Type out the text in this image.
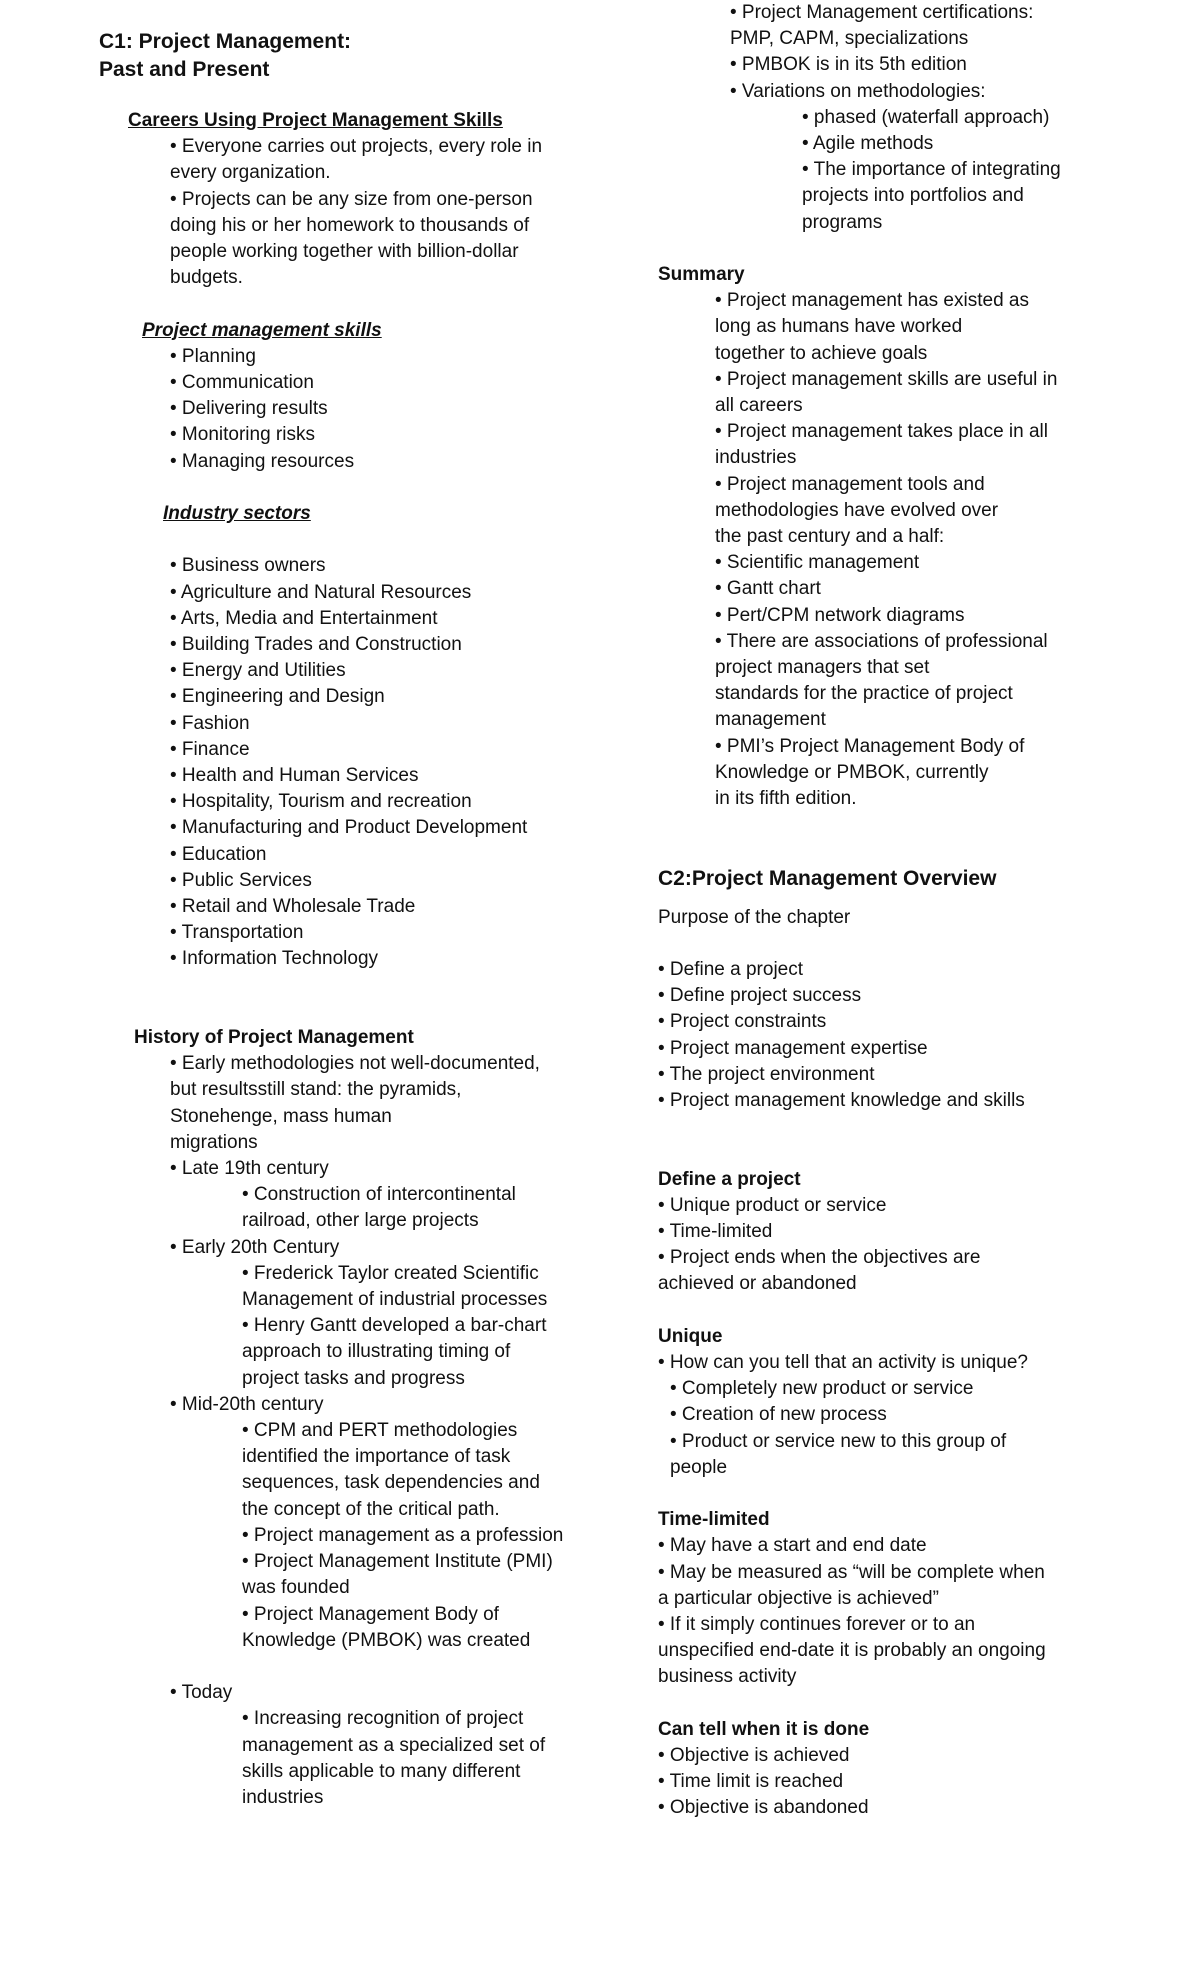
C1: Project Management:
Past and Present
Careers Using Project Management Skills
• Everyone carries out projects, every role in
every organization.
• Projects can be any size from one-person
doing his or her homework to thousands of
people working together with billion-dollar
budgets.
Project management skills
• Planning
• Communication
• Delivering results
• Monitoring risks
• Managing resources
Industry sectors
• Business owners
• Agriculture and Natural Resources
• Arts, Media and Entertainment
• Building Trades and Construction
• Energy and Utilities
• Engineering and Design
• Fashion
• Finance
• Health and Human Services
• Hospitality, Tourism and recreation
• Manufacturing and Product Development
• Education
• Public Services
• Retail and Wholesale Trade
• Transportation
• Information Technology
History of Project Management
• Early methodologies not well-documented,
but resultsstill stand: the pyramids,
Stonehenge, mass human
migrations
• Late 19th century
• Construction of intercontinental
railroad, other large projects
• Early 20th Century
• Frederick Taylor created Scientific
Management of industrial processes
• Henry Gantt developed a bar-chart
approach to illustrating timing of
project tasks and progress
• Mid-20th century
• CPM and PERT methodologies
identified the importance of task
sequences, task dependencies and
the concept of the critical path.
• Project management as a profession
• Project Management Institute (PMI)
was founded
• Project Management Body of
Knowledge (PMBOK) was created
• Today
• Increasing recognition of project
management as a specialized set of
skills applicable to many different
industries
• Project Management certifications:
PMP, CAPM, specializations
• PMBOK is in its 5th edition
• Variations on methodologies:
• phased (waterfall approach)
• Agile methods
• The importance of integrating
projects into portfolios and
programs
Summary
• Project management has existed as
long as humans have worked
together to achieve goals
• Project management skills are useful in
all careers
• Project management takes place in all
industries
• Project management tools and
methodologies have evolved over
the past century and a half:
• Scientific management
• Gantt chart
• Pert/CPM network diagrams
• There are associations of professional
project managers that set
standards for the practice of project
management
• PMI’s Project Management Body of
Knowledge or PMBOK, currently
in its fifth edition.
C2:Project Management Overview
Purpose of the chapter
• Define a project
• Define project success
• Project constraints
• Project management expertise
• The project environment
• Project management knowledge and skills
Define a project
• Unique product or service
• Time-limited
• Project ends when the objectives are
achieved or abandoned
Unique
• How can you tell that an activity is unique?
• Completely new product or service
• Creation of new process
• Product or service new to this group of
people
Time-limited
• May have a start and end date
• May be measured as “will be complete when
a particular objective is achieved”
• If it simply continues forever or to an
unspecified end-date it is probably an ongoing
business activity
Can tell when it is done
• Objective is achieved
• Time limit is reached
• Objective is abandoned
